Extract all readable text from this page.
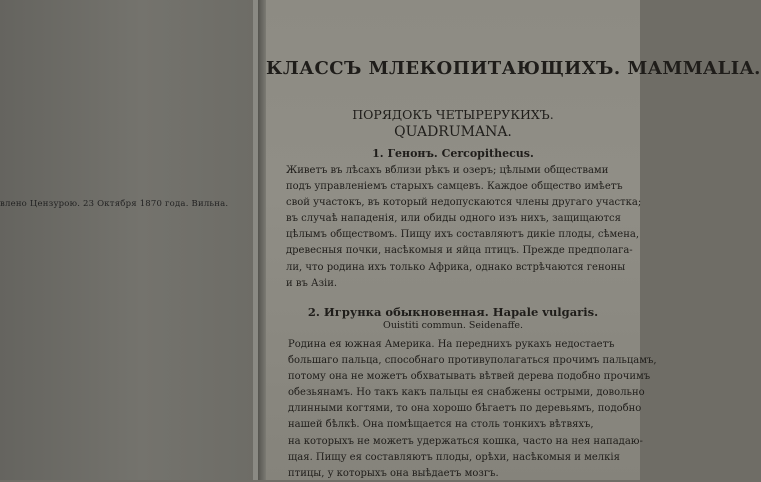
влено Цензурою. 23 Октября 1870 года. Вильна.
КЛАССЪ МЛЕКОПИТАЮЩИХЪ. MAMMALIA.
ПОРЯДОКЪ ЧЕТЫРЕРУКИХЪ.
QUADRUMANA.
1. Генонъ. Cercopithecus.
Живетъ въ лѣсахъ вблизи рѣкъ и озеръ; цѣлыми обществами
подъ управленіемъ старыхъ самцевъ. Каждое общество имѣетъ
свой участокъ, въ который недопускаются члены другаго участка;
въ случаѣ нападенія, или обиды одного изъ нихъ, защищаются
цѣлымъ обществомъ. Пищу ихъ составляютъ дикіе плоды, сѣмена,
древесныя почки, насѣкомыя и яйца птицъ. Прежде предполага-
ли, что родина ихъ только Африка, однако встрѣчаются геноны
и въ Азіи.
2. Игрунка обыкновенная. Hapale vulgaris.
Ouistiti commun. Seidenaffe.
Родина ея южная Америка. На переднихъ рукахъ недостаетъ
большаго пальца, способнаго противуполагаться прочимъ пальцамъ,
потому она не можетъ обхватывать вѣтвей дерева подобно прочимъ
обезьянамъ. Но такъ какъ пальцы ея снабжены острыми, довольно
длинными когтями, то она хорошо бѣгаетъ по деревьямъ, подобно
нашей бѣлкѣ. Она помѣщается на столь тонкихъ вѣтвяхъ,
на которыхъ не можетъ удержаться кошка, часто на нея нападаю-
щая. Пищу ея составляютъ плоды, орѣхи, насѣкомыя и мелкія
птицы, у которыхъ она выѣдаетъ мозгъ.
